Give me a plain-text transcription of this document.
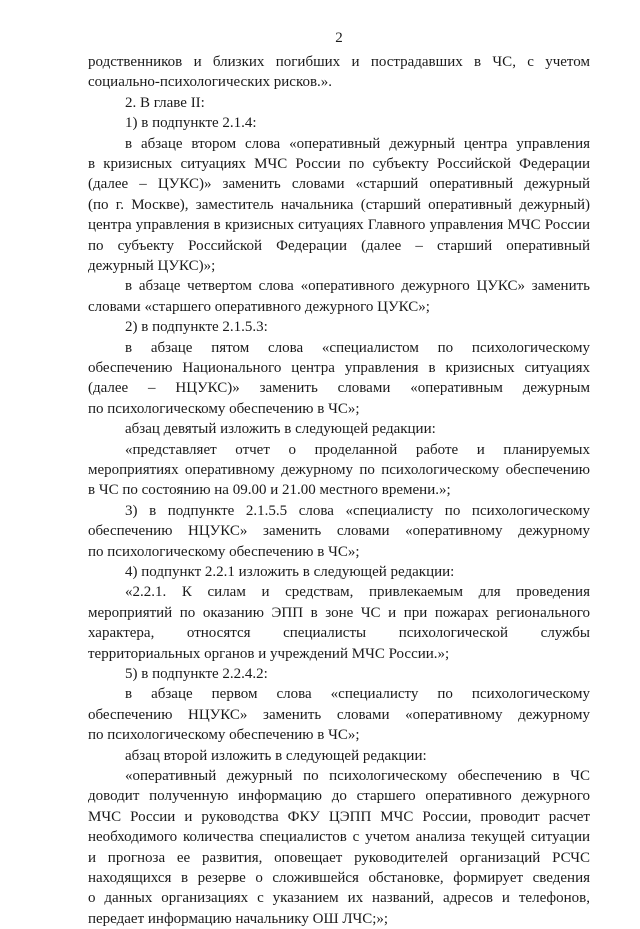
2
родственников и близких погибших и пострадавших в ЧС, с учетом
социально-психологических рисков.».
2. В главе II:
1) в подпункте 2.1.4:
в абзаце втором слова «оперативный дежурный центра управления
в кризисных ситуациях МЧС России по субъекту Российской Федерации
(далее – ЦУКС)» заменить словами «старший оперативный дежурный
(по г. Москве), заместитель начальника (старший оперативный дежурный)
центра управления в кризисных ситуациях Главного управления МЧС России
по субъекту Российской Федерации (далее – старший оперативный
дежурный ЦУКС)»;
в абзаце четвертом слова «оперативного дежурного ЦУКС» заменить
словами «старшего оперативного дежурного ЦУКС»;
2) в подпункте 2.1.5.3:
в абзаце пятом слова «специалистом по психологическому
обеспечению Национального центра управления в кризисных ситуациях
(далее – НЦУКС)» заменить словами «оперативным дежурным
по психологическому обеспечению в ЧС»;
абзац девятый изложить в следующей редакции:
«представляет отчет о проделанной работе и планируемых
мероприятиях оперативному дежурному по психологическому обеспечению
в ЧС по состоянию на 09.00 и 21.00 местного времени.»;
3) в подпункте 2.1.5.5 слова «специалисту по психологическому
обеспечению НЦУКС» заменить словами «оперативному дежурному
по психологическому обеспечению в ЧС»;
4) подпункт 2.2.1 изложить в следующей редакции:
«2.2.1. К силам и средствам, привлекаемым для проведения
мероприятий по оказанию ЭПП в зоне ЧС и при пожарах регионального
характера, относятся специалисты психологической службы
территориальных органов и учреждений МЧС России.»;
5) в подпункте 2.2.4.2:
в абзаце первом слова «специалисту по психологическому
обеспечению НЦУКС» заменить словами «оперативному дежурному
по психологическому обеспечению в ЧС»;
абзац второй изложить в следующей редакции:
«оперативный дежурный по психологическому обеспечению в ЧС
доводит полученную информацию до старшего оперативного дежурного
МЧС России и руководства ФКУ ЦЭПП МЧС России, проводит расчет
необходимого количества специалистов с учетом анализа текущей ситуации
и прогноза ее развития, оповещает руководителей организаций РСЧС
находящихся в резерве о сложившейся обстановке, формирует сведения
о данных организациях с указанием их названий, адресов и телефонов,
передает информацию начальнику ОШ ЛЧС;»;
